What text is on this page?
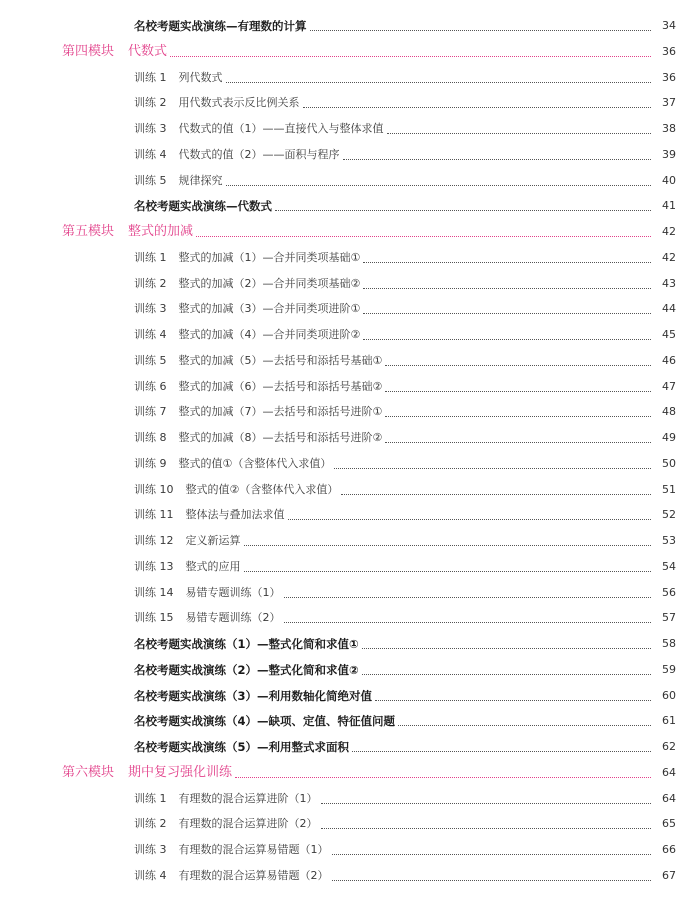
名校考题实战演练—有理数的计算	34
第四模块 代数式	36
训练 1 列代数式	36
训练 2 用代数式表示反比例关系	37
训练 3 代数式的值（1）——直接代入与整体求值	38
训练 4 代数式的值（2）——面积与程序	39
训练 5 规律探究	40
名校考题实战演练—代数式	41
第五模块 整式的加减	42
训练 1 整式的加减（1）—合并同类项基础①	42
训练 2 整式的加减（2）—合并同类项基础②	43
训练 3 整式的加减（3）—合并同类项进阶①	44
训练 4 整式的加减（4）—合并同类项进阶②	45
训练 5 整式的加减（5）—去括号和添括号基础①	46
训练 6 整式的加减（6）—去括号和添括号基础②	47
训练 7 整式的加减（7）—去括号和添括号进阶①	48
训练 8 整式的加减（8）—去括号和添括号进阶②	49
训练 9 整式的值①（含整体代入求值）	50
训练 10 整式的值②（含整体代入求值）	51
训练 11 整体法与叠加法求值	52
训练 12 定义新运算	53
训练 13 整式的应用	54
训练 14 易错专题训练（1）	56
训练 15 易错专题训练（2）	57
名校考题实战演练（1）—整式化简和求值①	58
名校考题实战演练（2）—整式化简和求值②	59
名校考题实战演练（3）—利用数轴化简绝对值	60
名校考题实战演练（4）—缺项、定值、特征值问题	61
名校考题实战演练（5）—利用整式求面积	62
第六模块 期中复习强化训练	64
训练 1 有理数的混合运算进阶（1）	64
训练 2 有理数的混合运算进阶（2）	65
训练 3 有理数的混合运算易错题（1）	66
训练 4 有理数的混合运算易错题（2）	67
